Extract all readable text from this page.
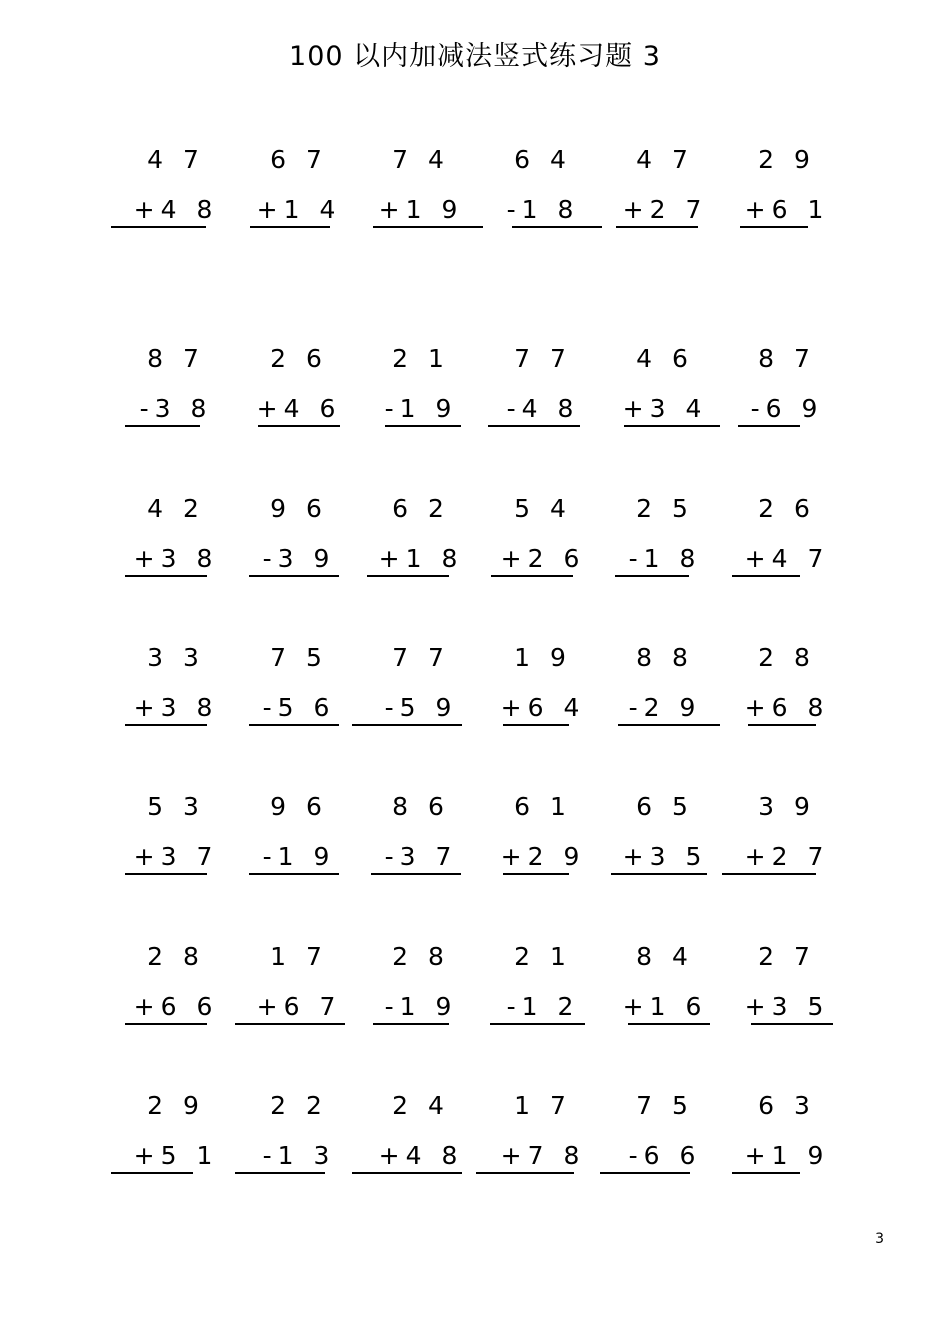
100 以内加减法竖式练习题 3
4 7
+4 8
6 7
+1 4
7 4
+1 9
6 4
-1 8
4 7
+2 7
2 9
+6 1
8 7
-3 8
2 6
+4 6
2 1
-1 9
7 7
-4 8
4 6
+3 4
8 7
-6 9
4 2
+3 8
9 6
-3 9
6 2
+1 8
5 4
+2 6
2 5
-1 8
2 6
+4 7
3 3
+3 8
7 5
-5 6
7 7
-5 9
1 9
+6 4
8 8
-2 9
2 8
+6 8
5 3
+3 7
9 6
-1 9
8 6
-3 7
6 1
+2 9
6 5
+3 5
3 9
+2 7
2 8
+6 6
1 7
+6 7
2 8
-1 9
2 1
-1 2
8 4
+1 6
2 7
+3 5
2 9
+5 1
2 2
-1 3
2 4
+4 8
1 7
+7 8
7 5
-6 6
6 3
+1 9
3
